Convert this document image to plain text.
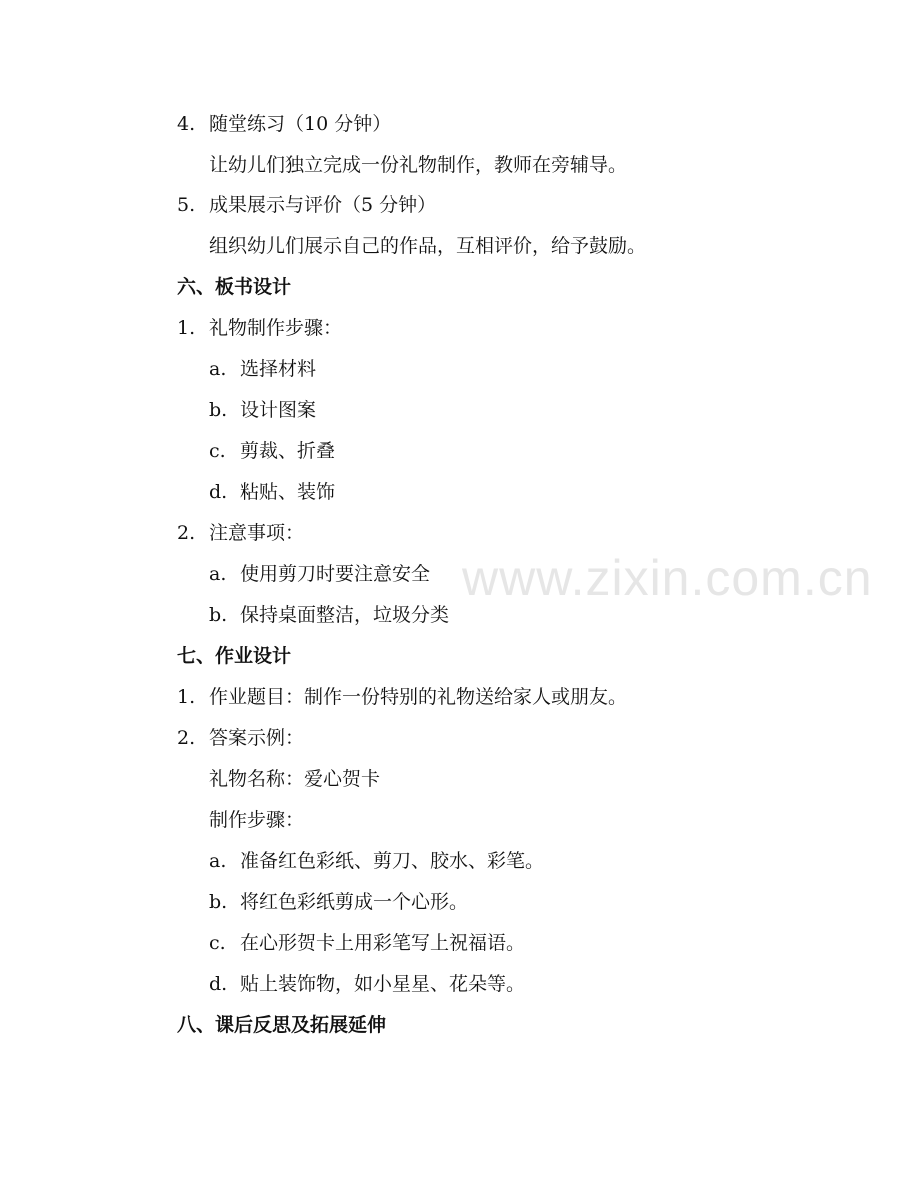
www.zixin.com.cn
4. 随堂练习（10 分钟）
让幼儿们独立完成一份礼物制作，教师在旁辅导。
5. 成果展示与评价（5 分钟）
组织幼儿们展示自己的作品，互相评价，给予鼓励。
六、板书设计
1. 礼物制作步骤：
a. 选择材料
b. 设计图案
c. 剪裁、折叠
d. 粘贴、装饰
2. 注意事项：
a. 使用剪刀时要注意安全
b. 保持桌面整洁，垃圾分类
七、作业设计
1. 作业题目：制作一份特别的礼物送给家人或朋友。
2. 答案示例：
礼物名称：爱心贺卡
制作步骤：
a. 准备红色彩纸、剪刀、胶水、彩笔。
b. 将红色彩纸剪成一个心形。
c. 在心形贺卡上用彩笔写上祝福语。
d. 贴上装饰物，如小星星、花朵等。
八、课后反思及拓展延伸
